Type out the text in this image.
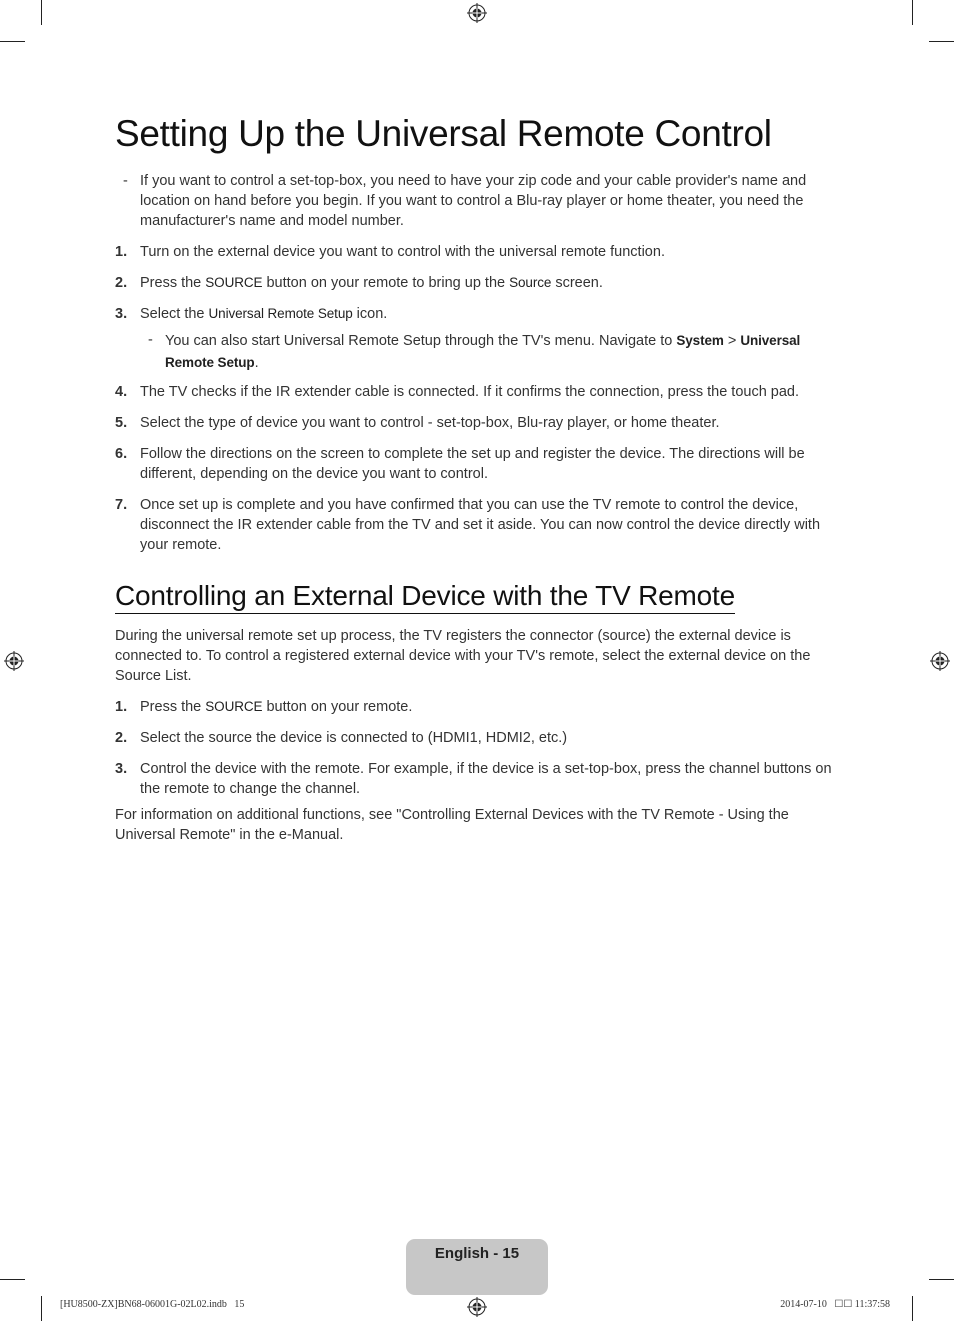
Setting Up the Universal Remote Control
- If you want to control a set-top-box, you need to have your zip code and your cable provider's name and location on hand before you begin. If you want to control a Blu-ray player or home theater, you need the manufacturer's name and model number.
1. Turn on the external device you want to control with the universal remote function.
2. Press the SOURCE button on your remote to bring up the Source screen.
3. Select the Universal Remote Setup icon.
- You can also start Universal Remote Setup through the TV's menu. Navigate to System > Universal Remote Setup.
4. The TV checks if the IR extender cable is connected. If it confirms the connection, press the touch pad.
5. Select the type of device you want to control - set-top-box, Blu-ray player, or home theater.
6. Follow the directions on the screen to complete the set up and register the device. The directions will be different, depending on the device you want to control.
7. Once set up is complete and you have confirmed that you can use the TV remote to control the device, disconnect the IR extender cable from the TV and set it aside. You can now control the device directly with your remote.
Controlling an External Device with the TV Remote
During the universal remote set up process, the TV registers the connector (source) the external device is connected to. To control a registered external device with your TV's remote, select the external device on the Source List.
1. Press the SOURCE button on your remote.
2. Select the source the device is connected to (HDMI1, HDMI2, etc.)
3. Control the device with the remote. For example, if the device is a set-top-box, press the channel buttons on the remote to change the channel.
For information on additional functions, see "Controlling External Devices with the TV Remote - Using the Universal Remote" in the e-Manual.
English - 15
[HU8500-ZX]BN68-06001G-02L02.indb   15	2014-07-10   ☐☐ 11:37:58
